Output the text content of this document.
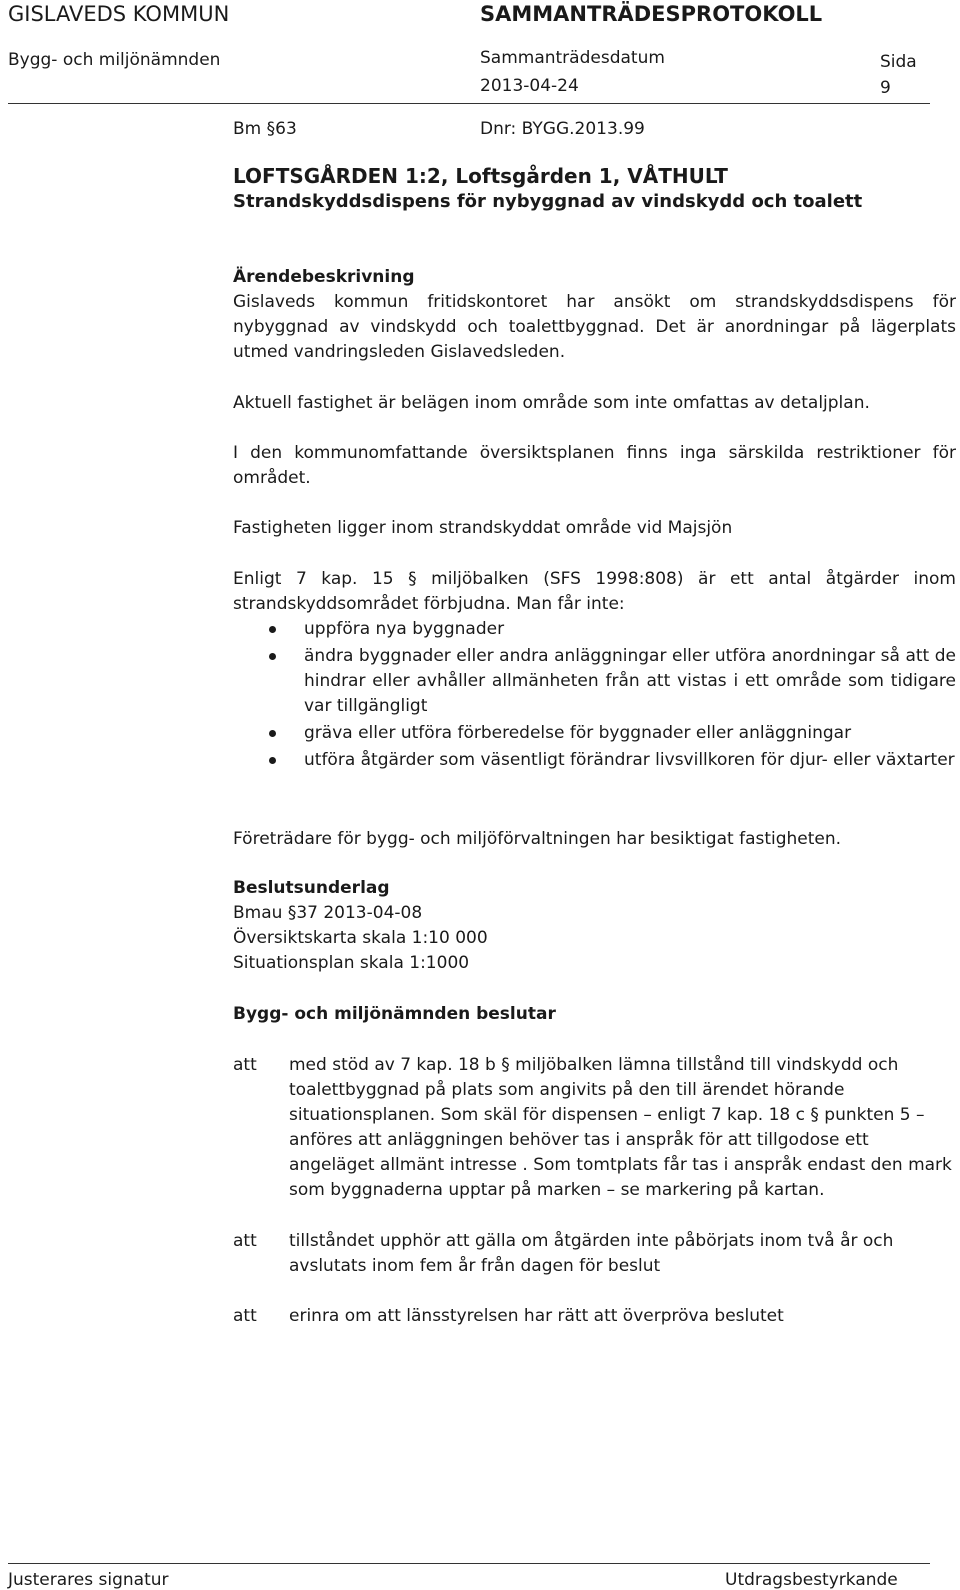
GISLAVEDS KOMMUN	SAMMANTRÄDESPROTOKOLL
Bygg- och miljönämnden	Sammanträdesdatum
2013-04-24
Sida
9
Bm §63	Dnr: BYGG.2013.99
LOFTSGÅRDEN 1:2, Loftsgården 1, VÅTHULT
Strandskyddsdispens för nybyggnad av vindskydd och toalett

Ärendebeskrivning

Gislaveds kommun fritidskontoret har ansökt om strandskyddsdispens för nybyggnad av vindskydd och toalettbyggnad. Det är anordningar på lägerplats utmed vandringsleden Gislavedsleden.

Aktuell fastighet är belägen inom område som inte omfattas av detaljplan.

I den kommunomfattande översiktsplanen finns inga särskilda restriktioner för området.

Fastigheten ligger inom strandskyddat område vid Majsjön

Enligt 7 kap. 15 § miljöbalken (SFS 1998:808) är ett antal åtgärder inom strandskyddsområdet förbjudna. Man får inte:

uppföra nya byggnader
ändra byggnader eller andra anläggningar eller utföra anordningar så att de hindrar eller avhåller allmänheten från att vistas i ett område som tidigare var tillgängligt
gräva eller utföra förberedelse för byggnader eller anläggningar
utföra åtgärder som väsentligt förändrar livsvillkoren för djur- eller växtarter

Företrädare för bygg- och miljöförvaltningen har besiktigat fastigheten.

Beslutsunderlag

Bmau §37 2013-04-08

Översiktskarta skala 1:10 000

Situationsplan skala 1:1000

Bygg- och miljönämnden beslutar

att med stöd av 7 kap. 18 b § miljöbalken lämna tillstånd till vindskydd och toalettbyggnad på plats som angivits på den till ärendet hörande situationsplanen. Som skäl för dispensen – enligt 7 kap. 18 c § punkten 5 – anföres att anläggningen behöver tas i anspråk för att tillgodose ett angeläget allmänt intresse . Som tomtplats får tas i anspråk endast den mark som byggnaderna upptar på marken – se markering på kartan.
att tillståndet upphör att gälla om åtgärden inte påbörjats inom två år och avslutats inom fem år från dagen för beslut
att erinra om att länsstyrelsen har rätt att överpröva beslutet
Justerares signatur	Utdragsbestyrkande
